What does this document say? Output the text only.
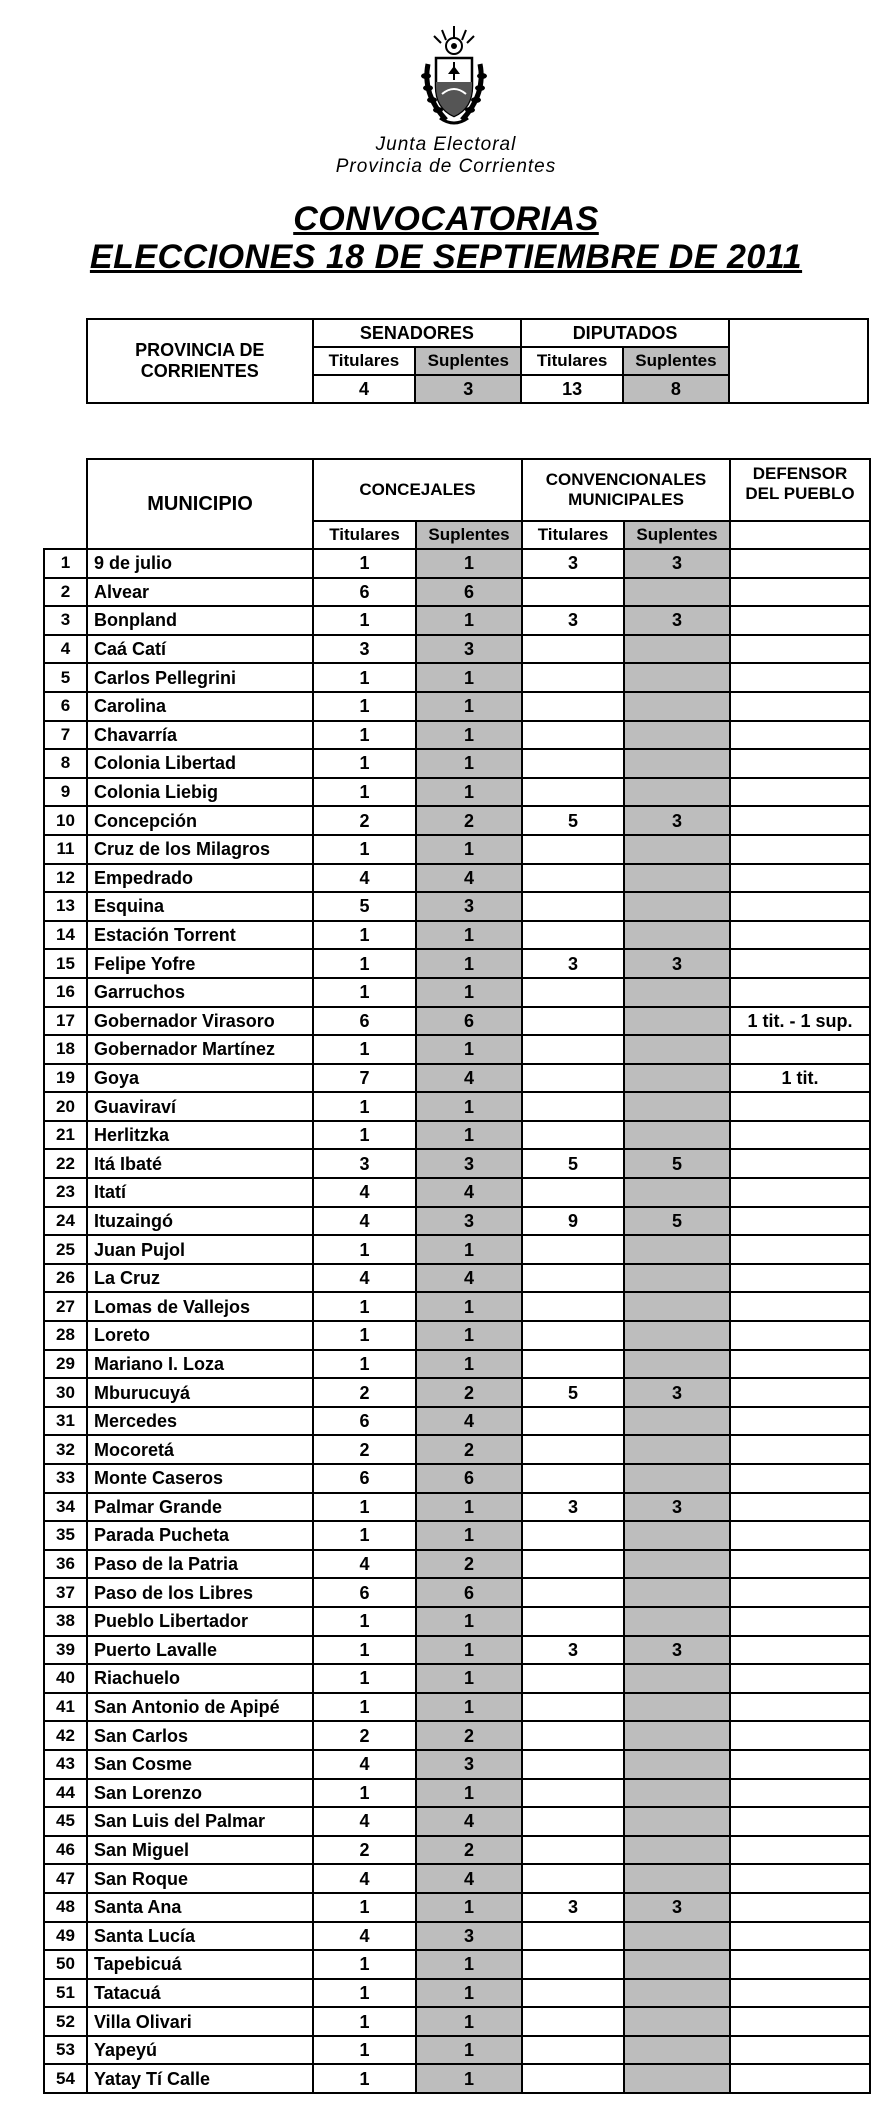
Junta Electoral
Provincia de Corrientes
CONVOCATORIAS
ELECCIONES 18 DE SEPTIEMBRE DE 2011
PROVINCIA DE CORRIENTES	SENADORES		DIPUTADOS		
	Titulares	Suplentes	Titulares	Suplentes	
	4	3	13	8	
	MUNICIPIO	CONCEJALES		CONVENCIONALES MUNICIPALES		DEFENSOR DEL PUEBLO
		Titulares	Suplentes	Titulares	Suplentes	
1	9 de julio	1	1	3	3	
2	Alvear	6	6			
3	Bonpland	1	1	3	3	
4	Caá Catí	3	3			
5	Carlos Pellegrini	1	1			
6	Carolina	1	1			
7	Chavarría	1	1			
8	Colonia Libertad	1	1			
9	Colonia Liebig	1	1			
10	Concepción	2	2	5	3	
11	Cruz de los Milagros	1	1			
12	Empedrado	4	4			
13	Esquina	5	3			
14	Estación Torrent	1	1			
15	Felipe Yofre	1	1	3	3	
16	Garruchos	1	1			
17	Gobernador Virasoro	6	6			1 tit. - 1 sup.
18	Gobernador Martínez	1	1			
19	Goya	7	4			1 tit.
20	Guaviraví	1	1			
21	Herlitzka	1	1			
22	Itá Ibaté	3	3	5	5	
23	Itatí	4	4			
24	Ituzaingó	4	3	9	5	
25	Juan Pujol	1	1			
26	La Cruz	4	4			
27	Lomas de Vallejos	1	1			
28	Loreto	1	1			
29	Mariano I. Loza	1	1			
30	Mburucuyá	2	2	5	3	
31	Mercedes	6	4			
32	Mocoretá	2	2			
33	Monte Caseros	6	6			
34	Palmar Grande	1	1	3	3	
35	Parada Pucheta	1	1			
36	Paso de la Patria	4	2			
37	Paso de los Libres	6	6			
38	Pueblo Libertador	1	1			
39	Puerto Lavalle	1	1	3	3	
40	Riachuelo	1	1			
41	San Antonio de Apipé	1	1			
42	San Carlos	2	2			
43	San Cosme	4	3			
44	San Lorenzo	1	1			
45	San Luis del Palmar	4	4			
46	San Miguel	2	2			
47	San Roque	4	4			
48	Santa Ana	1	1	3	3	
49	Santa Lucía	4	3			
50	Tapebicuá	1	1			
51	Tatacuá	1	1			
52	Villa Olivari	1	1			
53	Yapeyú	1	1			
54	Yatay Tí Calle	1	1			
